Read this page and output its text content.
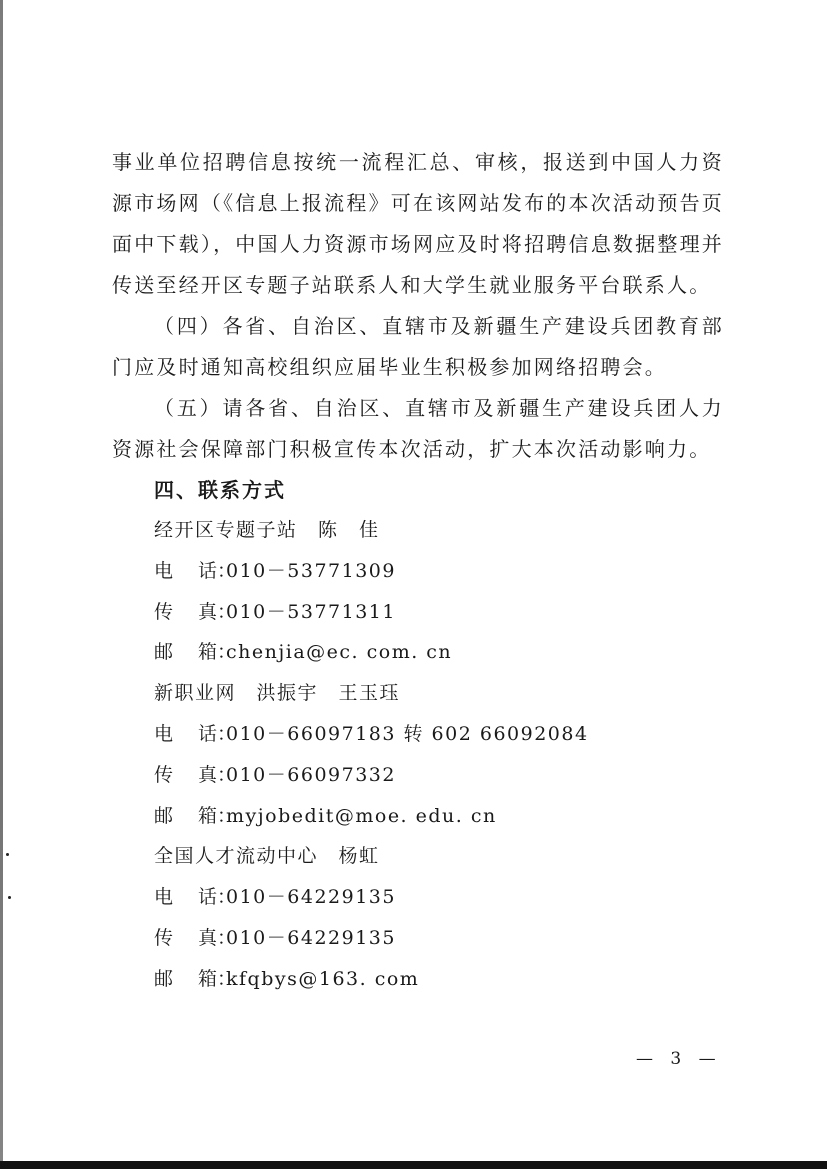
事业单位招聘信息按统一流程汇总、审核，报送到中国人力资源市场网（《信息上报流程》可在该网站发布的本次活动预告页面中下载），中国人力资源市场网应及时将招聘信息数据整理并传送至经开区专题子站联系人和大学生就业服务平台联系人。

（四）各省、自治区、直辖市及新疆生产建设兵团教育部门应及时通知高校组织应届毕业生积极参加网络招聘会。

（五）请各省、自治区、直辖市及新疆生产建设兵团人力资源社会保障部门积极宣传本次活动，扩大本次活动影响力。

四、联系方式

经开区专题子站　陈　佳

电 话：010－53771309

传 真：010－53771311

邮 箱：chenjia@ec. com. cn

新职业网　洪振宇　王玉珏

电 话：010－66097183 转 602 66092084

传 真：010－66097332

邮 箱：myjobedit@moe. edu. cn

全国人才流动中心　杨虹

电 话：010－64229135

传 真：010－64229135

邮 箱：kfqbys@163. com

— 3 —
